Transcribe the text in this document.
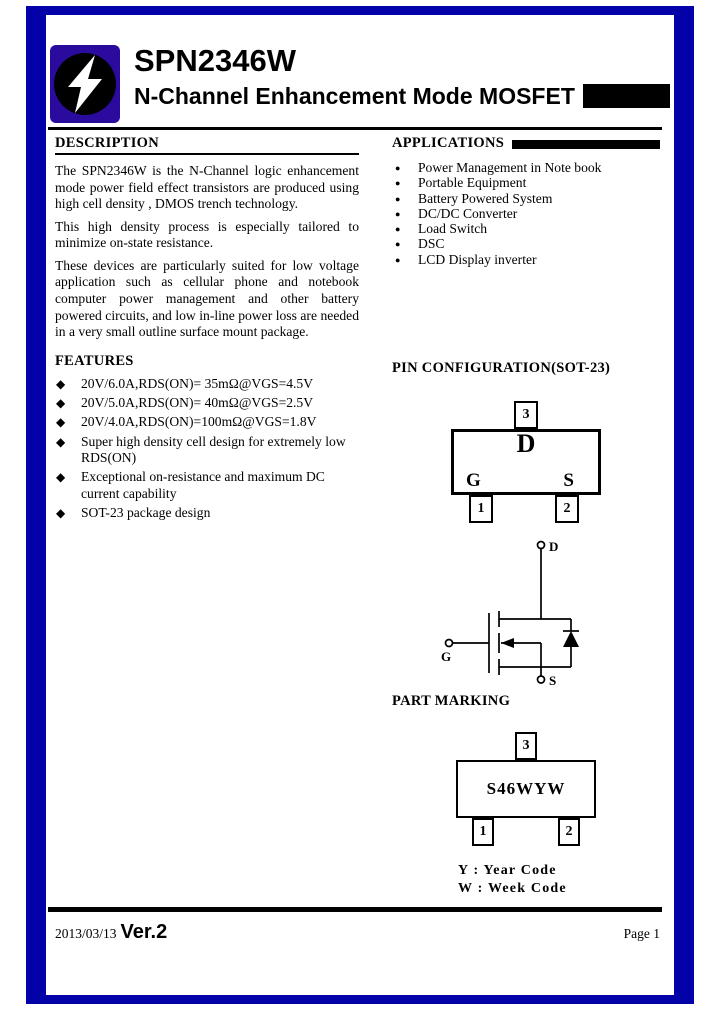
SPN2346W
N-Channel Enhancement Mode MOSFET
DESCRIPTION

The SPN2346W is the N-Channel logic enhancement mode power field effect transistors are produced using high cell density , DMOS trench technology.

This high density process is especially tailored to minimize on-state resistance.

These devices are particularly suited for low voltage application such as cellular phone and notebook computer power management and other battery powered circuits, and low in-line power loss are needed in a very small outline surface mount package.

FEATURES
◆	20V/6.0A,RDS(ON)= 35mΩ@VGS=4.5V
◆	20V/5.0A,RDS(ON)= 40mΩ@VGS=2.5V
◆	20V/4.0A,RDS(ON)=100mΩ@VGS=1.8V
◆	Super high density cell design for extremely low RDS(ON)
◆	Exceptional on-resistance and maximum DC current capability
◆	SOT-23 package design
APPLICATIONS
●	Power Management in Note book
●	Portable Equipment
●	Battery Powered System
●	DC/DC Converter
●	Load Switch
●	DSC
●	LCD Display inverter
PIN CONFIGURATION(SOT-23)
3
D
G	S
1	2
D
S
G
PART MARKING
3
S46WYW
1	2
Y : Year Code
W : Week Code
2013/03/13 Ver.2	Page 1
